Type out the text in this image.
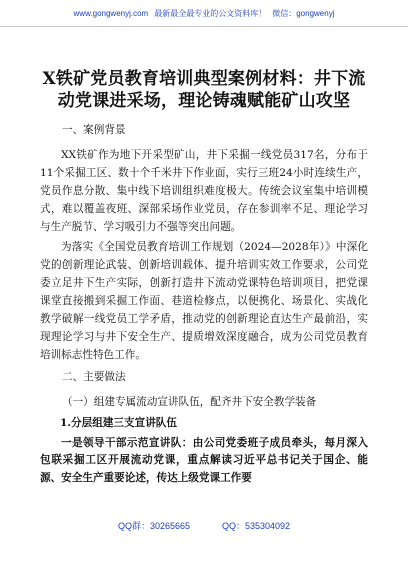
www.gongwenyj.com 最新最全最专业的公文资料库！ 微信：gongwenyj
X铁矿党员教育培训典型案例材料：井下流动党课进采场，理论铸魂赋能矿山攻坚
一、案例背景

XX铁矿作为地下开采型矿山，井下采掘一线党员317名，分布于11个采掘工区、数十个千米井下作业面，实行三班24小时连续生产，党员作息分散、集中线下培训组织难度极大。传统会议室集中培训模式，难以覆盖夜班、深部采场作业党员，存在参训率不足、理论学习与生产脱节、学习吸引力不强等突出问题。

为落实《全国党员教育培训工作规划（2024—2028年）》中深化党的创新理论武装、创新培训载体、提升培训实效工作要求，公司党委立足井下生产实际，创新打造井下流动党课特色培训项目，把党课课堂直接搬到采掘工作面、巷道检修点，以便携化、场景化、实战化教学破解一线党员工学矛盾，推动党的创新理论直达生产最前沿，实现理论学习与井下安全生产、提质增效深度融合，成为公司党员教育培训标志性特色工作。

二、主要做法
（一）组建专属流动宣讲队伍，配齐井下安全教学装备
1.分层组建三支宣讲队伍

一是领导干部示范宣讲队：由公司党委班子成员牵头，每月深入包联采掘工区开展流动党课，重点解读习近平总书记关于国企、能源、安全生产重要论述，传达上级党课工作要

QQ群：30265665	QQ：535304092
